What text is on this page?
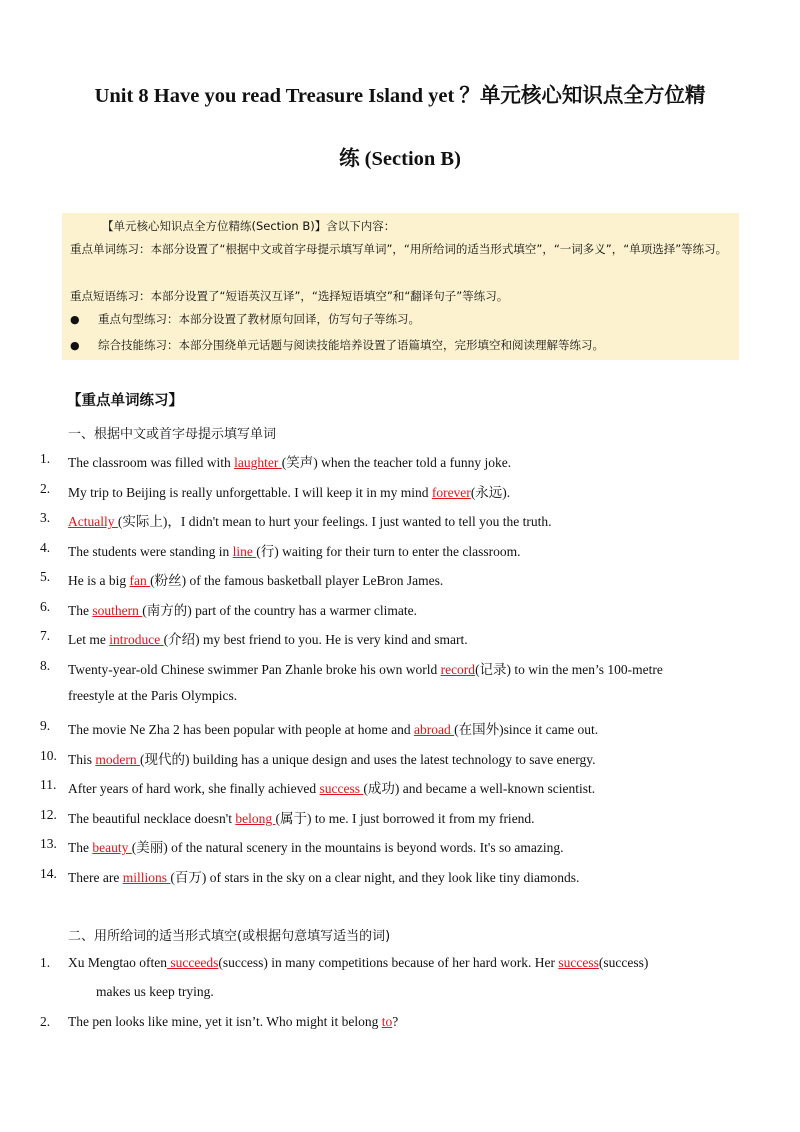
Unit 8 Have you read Treasure Island yet ？单元核心知识点全方位精
练 (Section B)

【单元核心知识点全方位精练(Section B)】含以下内容：

重点单词练习：本部分设置了“根据中文或首字母提示填写单词”，“用所给词的适当形式填空”，“一词多义”，“单项选择”等练习。

重点短语练习：本部分设置了“短语英汉互译”，“选择短语填空”和“翻译句子”等练习。

● 重点句型练习：本部分设置了教材原句回译，仿写句子等练习。

● 综合技能练习：本部分围绕单元话题与阅读技能培养设置了语篇填空，完形填空和阅读理解等练习。

【重点单词练习】
一、根据中文或首字母提示填写单词
1. The classroom was filled with laughter (笑声) when the teacher told a funny joke.
2. My trip to Beijing is really unforgettable. I will keep it in my mind forever(永远).
3. Actually (实际上)，I didn't mean to hurt your feelings. I just wanted to tell you the truth.
4. The students were standing in line (行) waiting for their turn to enter the classroom.
5. He is a big fan (粉丝) of the famous basketball player LeBron James.
6. The southern (南方的) part of the country has a warmer climate.
7. Let me introduce (介绍) my best friend to you. He is very kind and smart.
8. Twenty-year-old Chinese swimmer Pan Zhanle broke his own world record(记录) to win the men’s 100-metre
freestyle at the Paris Olympics.
9. The movie Ne Zha 2 has been popular with people at home and abroad (在国外)since it came out.
10. This modern (现代的) building has a unique design and uses the latest technology to save energy.
11. After years of hard work, she finally achieved success (成功) and became a well-known scientist.
12. The beautiful necklace doesn't belong (属于) to me. I just borrowed it from my friend.
13. The beauty (美丽) of the natural scenery in the mountains is beyond words. It's so amazing.
14. There are millions (百万) of stars in the sky on a clear night, and they look like tiny diamonds.
二、用所给词的适当形式填空(或根据句意填写适当的词)
1. Xu Mengtao often succeeds(success) in many competitions because of her hard work. Her success(success)
makes us keep trying.
2. The pen looks like mine, yet it isn’t. Who might it belong to?
